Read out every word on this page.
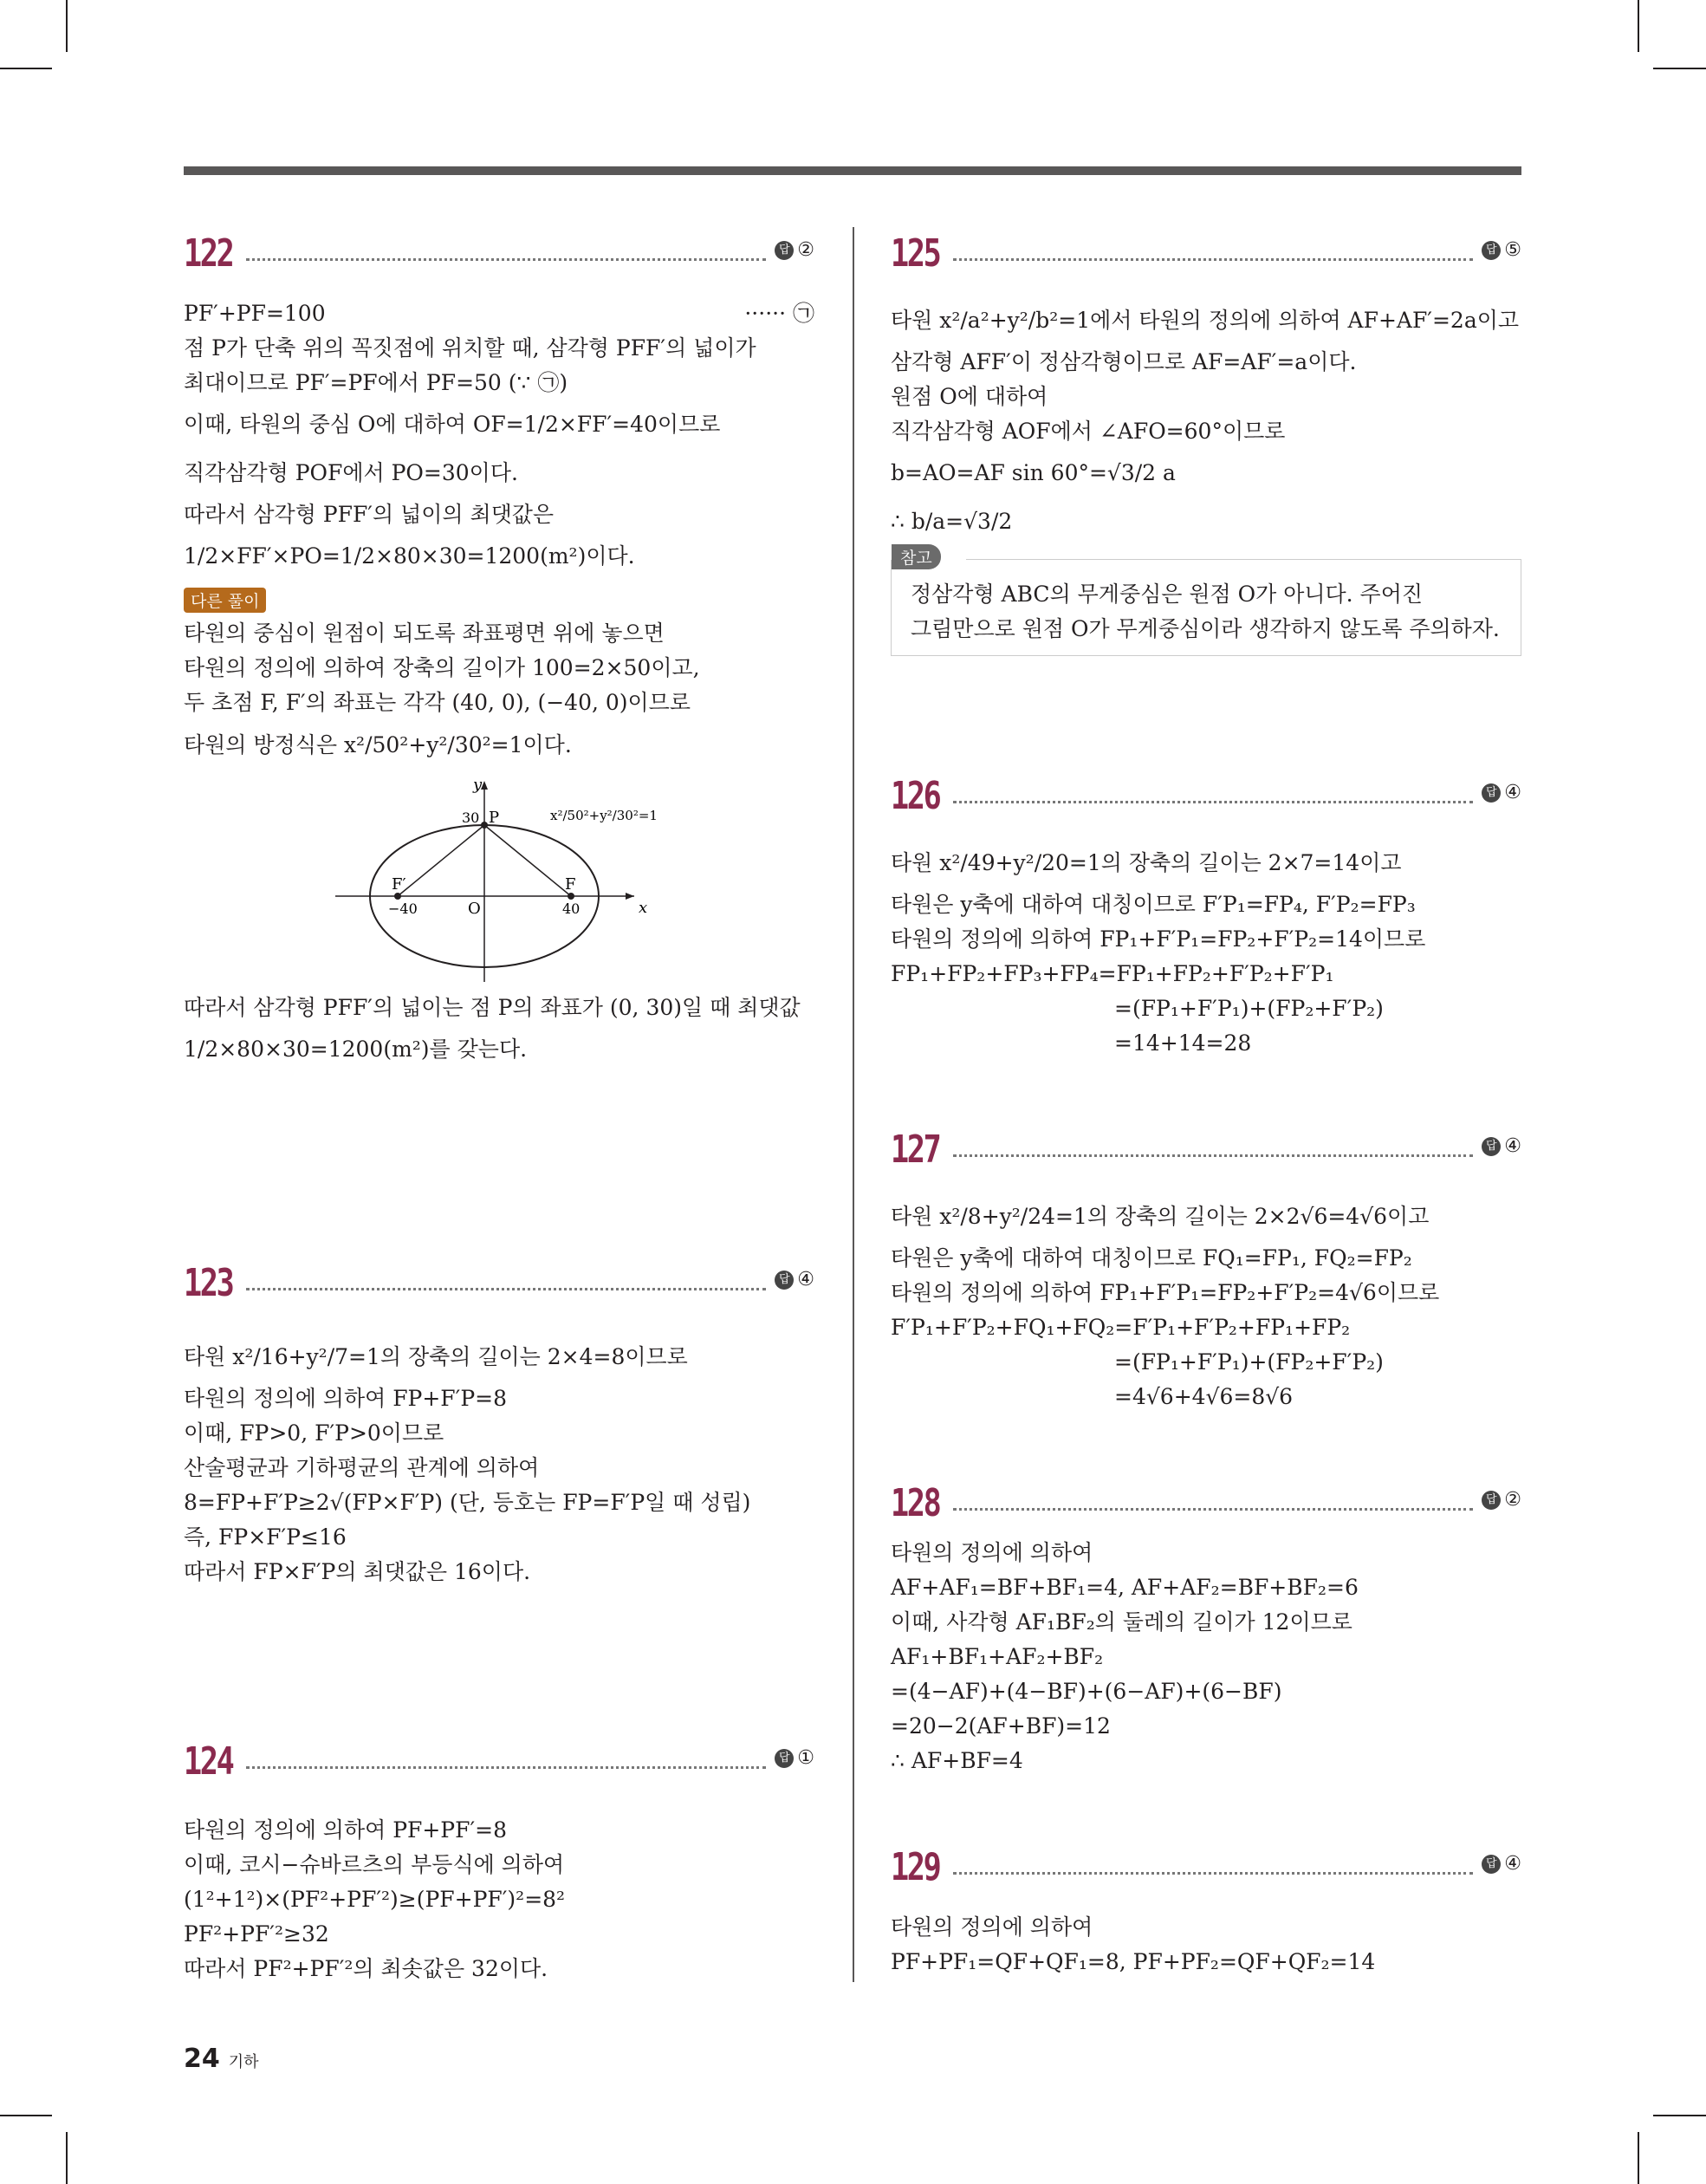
122	답 ②
PF′+PF=100	······ ㉠
점 P가 단축 위의 꼭짓점에 위치할 때, 삼각형 PFF′의 넓이가
최대이므로 PF′=PF에서 PF=50 (∵ ㉠)
이때, 타원의 중심 O에 대하여 OF=1/2×FF′=40이므로
직각삼각형 POF에서 PO=30이다.
따라서 삼각형 PFF′의 넓이의 최댓값은
1/2×FF′×PO=1/2×80×30=1200(m²)이다.
다른 풀이
타원의 중심이 원점이 되도록 좌표평면 위에 놓으면
타원의 정의에 의하여 장축의 길이가 100=2×50이고,
두 초점 F, F′의 좌표는 각각 (40, 0), (−40, 0)이므로
타원의 방정식은 x²/50²+y²/30²=1이다.
y
x
P
30
O
F
F′
40
−40
x²/50²+y²/30²=1
따라서 삼각형 PFF′의 넓이는 점 P의 좌표가 (0, 30)일 때 최댓값
1/2×80×30=1200(m²)를 갖는다.
123	답 ④
타원 x²/16+y²/7=1의 장축의 길이는 2×4=8이므로
타원의 정의에 의하여 FP+F′P=8
이때, FP>0, F′P>0이므로
산술평균과 기하평균의 관계에 의하여
8=FP+F′P≥2√(FP×F′P) (단, 등호는 FP=F′P일 때 성립)
즉, FP×F′P≤16
따라서 FP×F′P의 최댓값은 16이다.
124	답 ①
타원의 정의에 의하여 PF+PF′=8
이때, 코시−슈바르츠의 부등식에 의하여
(1²+1²)×(PF²+PF′²)≥(PF+PF′)²=8²
PF²+PF′²≥32
따라서 PF²+PF′²의 최솟값은 32이다.
125	답 ⑤
타원 x²/a²+y²/b²=1에서 타원의 정의에 의하여 AF+AF′=2a이고
삼각형 AFF′이 정삼각형이므로 AF=AF′=a이다.
원점 O에 대하여
직각삼각형 AOF에서 ∠AFO=60°이므로
b=AO=AF sin 60°=√3/2 a
∴ b/a=√3/2
참고
정삼각형 ABC의 무게중심은 원점 O가 아니다. 주어진
그림만으로 원점 O가 무게중심이라 생각하지 않도록 주의하자.
126	답 ④
타원 x²/49+y²/20=1의 장축의 길이는 2×7=14이고
타원은 y축에 대하여 대칭이므로 F′P₁=FP₄, F′P₂=FP₃
타원의 정의에 의하여 FP₁+F′P₁=FP₂+F′P₂=14이므로
FP₁+FP₂+FP₃+FP₄=FP₁+FP₂+F′P₂+F′P₁
=(FP₁+F′P₁)+(FP₂+F′P₂)
=14+14=28
127	답 ④
타원 x²/8+y²/24=1의 장축의 길이는 2×2√6=4√6이고
타원은 y축에 대하여 대칭이므로 FQ₁=FP₁, FQ₂=FP₂
타원의 정의에 의하여 FP₁+F′P₁=FP₂+F′P₂=4√6이므로
F′P₁+F′P₂+FQ₁+FQ₂=F′P₁+F′P₂+FP₁+FP₂
=(FP₁+F′P₁)+(FP₂+F′P₂)
=4√6+4√6=8√6
128	답 ②
타원의 정의에 의하여
AF+AF₁=BF+BF₁=4, AF+AF₂=BF+BF₂=6
이때, 사각형 AF₁BF₂의 둘레의 길이가 12이므로
AF₁+BF₁+AF₂+BF₂
=(4−AF)+(4−BF)+(6−AF)+(6−BF)
=20−2(AF+BF)=12
∴ AF+BF=4
129	답 ④
타원의 정의에 의하여
PF+PF₁=QF+QF₁=8, PF+PF₂=QF+QF₂=14
24 기하
